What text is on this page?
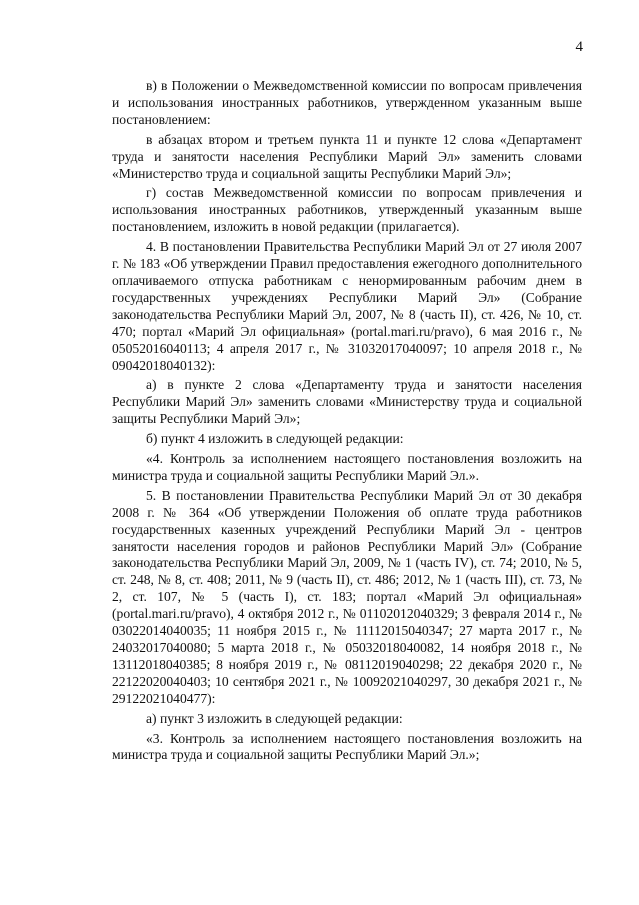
4

в) в Положении о Межведомственной комиссии по вопросам привлечения и использования иностранных работников, утвержденном указанным выше постановлением:

в абзацах втором и третьем пункта 11 и пункте 12 слова «Департамент труда и занятости населения Республики Марий Эл» заменить словами «Министерство труда и социальной защиты Республики Марий Эл»;

г) состав Межведомственной комиссии по вопросам привлечения и использования иностранных работников, утвержденный указанным выше постановлением, изложить в новой редакции (прилагается).

4. В постановлении Правительства Республики Марий Эл от 27 июля 2007 г. № 183 «Об утверждении Правил предоставления ежегодного дополнительного оплачиваемого отпуска работникам с ненормированным рабочим днем в государственных учреждениях Республики Марий Эл» (Собрание законодательства Республики Марий Эл, 2007, № 8 (часть II), ст. 426, № 10, ст. 470; портал «Марий Эл официальная» (portal.mari.ru/pravo), 6 мая 2016 г., № 05052016040113; 4 апреля 2017 г., № 31032017040097; 10 апреля 2018 г., № 09042018040132):

а) в пункте 2 слова «Департаменту труда и занятости населения Республики Марий Эл» заменить словами «Министерству труда и социальной защиты Республики Марий Эл»;

б) пункт 4 изложить в следующей редакции:

«4. Контроль за исполнением настоящего постановления возложить на министра труда и социальной защиты Республики Марий Эл.».

5. В постановлении Правительства Республики Марий Эл от 30 декабря 2008 г. № 364 «Об утверждении Положения об оплате труда работников государственных казенных учреждений Республики Марий Эл - центров занятости населения городов и районов Республики Марий Эл» (Собрание законодательства Республики Марий Эл, 2009, № 1 (часть IV), ст. 74; 2010, № 5, ст. 248, № 8, ст. 408; 2011, № 9 (часть II), ст. 486; 2012, № 1 (часть III), ст. 73, № 2, ст. 107, № 5 (часть I), ст. 183; портал «Марий Эл официальная» (portal.mari.ru/pravo), 4 октября 2012 г., № 01102012040329; 3 февраля 2014 г., № 03022014040035; 11 ноября 2015 г., № 11112015040347; 27 марта 2017 г., № 24032017040080; 5 марта 2018 г., № 05032018040082, 14 ноября 2018 г., № 13112018040385; 8 ноября 2019 г., № 08112019040298; 22 декабря 2020 г., № 22122020040403; 10 сентября 2021 г., № 10092021040297, 30 декабря 2021 г., № 29122021040477):

а) пункт 3 изложить в следующей редакции:

«3. Контроль за исполнением настоящего постановления возложить на министра труда и социальной защиты Республики Марий Эл.»;
